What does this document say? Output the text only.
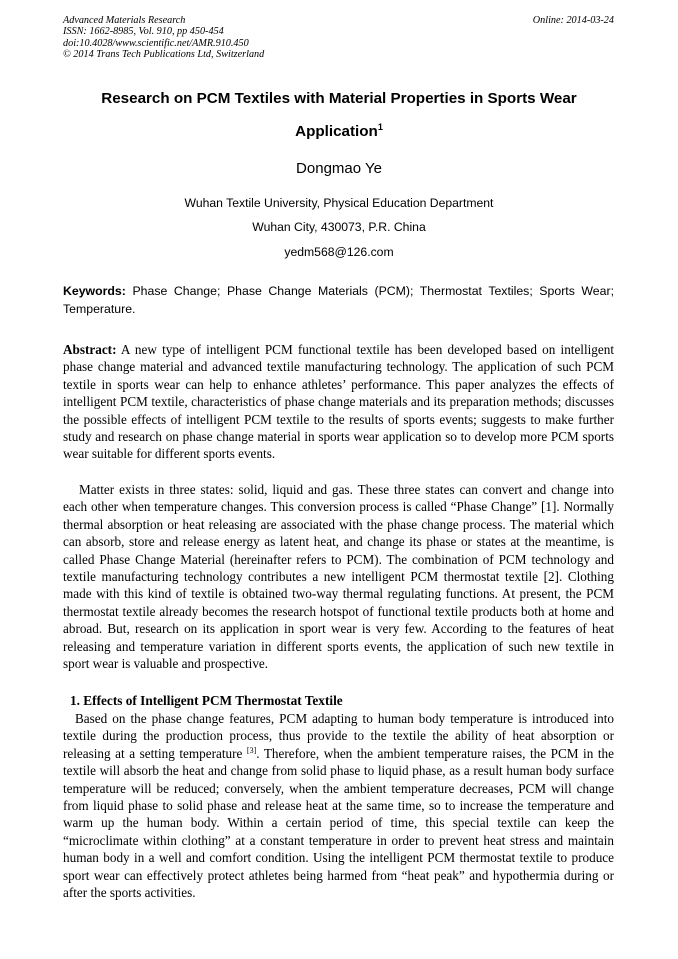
Advanced Materials Research
ISSN: 1662-8985, Vol. 910, pp 450-454
doi:10.4028/www.scientific.net/AMR.910.450
© 2014 Trans Tech Publications Ltd, Switzerland
Online: 2014-03-24
Research on PCM Textiles with Material Properties in Sports Wear
Application$^1$
Dongmao Ye
Wuhan Textile University, Physical Education Department
Wuhan City, 430073, P.R. China
yedm568@126.com
Keywords: Phase Change; Phase Change Materials (PCM); Thermostat Textiles; Sports Wear; Temperature.
Abstract: A new type of intelligent PCM functional textile has been developed based on intelligent phase change material and advanced textile manufacturing technology. The application of such PCM textile in sports wear can help to enhance athletes’ performance. This paper analyzes the effects of intelligent PCM textile, characteristics of phase change materials and its preparation methods; discusses the possible effects of intelligent PCM textile to the results of sports events; suggests to make further study and research on phase change material in sports wear application so to develop more PCM sports wear suitable for different sports events.
Matter exists in three states: solid, liquid and gas. These three states can convert and change into each other when temperature changes. This conversion process is called “Phase Change” [1]. Normally thermal absorption or heat releasing are associated with the phase change process. The material which can absorb, store and release energy as latent heat, and change its phase or states at the meantime, is called Phase Change Material (hereinafter refers to PCM). The combination of PCM technology and textile manufacturing technology contributes a new intelligent PCM thermostat textile [2]. Clothing made with this kind of textile is obtained two-way thermal regulating functions. At present, the PCM thermostat textile already becomes the research hotspot of functional textile products both at home and abroad. But, research on its application in sport wear is very few. According to the features of heat releasing and temperature variation in different sports events, the application of such new textile in sport wear is valuable and prospective.
1. Effects of Intelligent PCM Thermostat Textile
Based on the phase change features, PCM adapting to human body temperature is introduced into textile during the production process, thus provide to the textile the ability of heat absorption or releasing at a setting temperature [3]. Therefore, when the ambient temperature raises, the PCM in the textile will absorb the heat and change from solid phase to liquid phase, as a result human body surface temperature will be reduced; conversely, when the ambient temperature decreases, PCM will change from liquid phase to solid phase and release heat at the same time, so to increase the temperature and warm up the human body. Within a certain period of time, this special textile can keep the “microclimate within clothing” at a constant temperature in order to prevent heat stress and maintain human body in a well and comfort condition. Using the intelligent PCM thermostat textile to produce sport wear can effectively protect athletes being harmed from “heat peak” and hypothermia during or after the sports activities.
